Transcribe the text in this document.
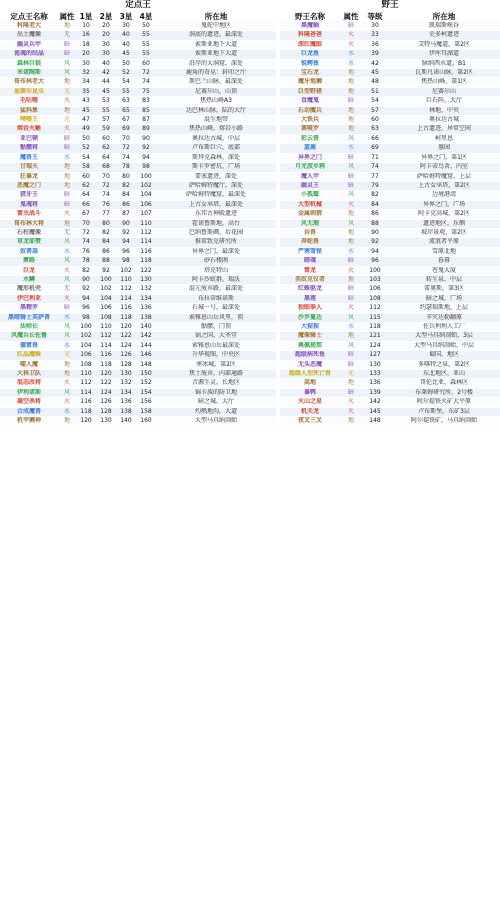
定点王
定点王名称	属性	1星	2星	3星	4星	所在地
科隆老大	地	10	20	30	50	鬼蛇中地区
出土魔像	无	16	20	40	55	洞底的遗迹，最深处
幽灵兵甲	暗	18	30	40	55	索斯亚地下大道
诡魂的结晶	暗	20	30	45	55	索斯亚地下大道
森林巨狼	风	30	40	50	60	沿岸的大洞窟，深处
米诺陶斯	风	32	42	52	72	鹿角的奇晃：封印之厅
哥布林老大	地	34	44	54	74	斯巴兰山脉，最深处
迪赛尔昆虫	光	35	45	55	75	尼赛尔山，山顶
毛咕噜	火	43	53	63	83	焦热山峰A3
猛犸象	地	45	55	65	85	达巴林山脉，陆的大厅
噗噜王	光	47	57	67	87	混生地带
熔岩火蜥	火	49	59	69	89	焦热山峰，熔岩小路
亚巴顿	暗	50	60	70	90	奥拉达古城，中层
骷髅将	暗	52	62	72	92	卢布斯巨穴，底部
魔兽王	水	54	64	74	94	斯拜克森林，深处
甘瑞夫	地	58	68	78	98	斯卡罗密坑，广场
狂暴龙	地	60	70	80	100	要塞遗迹，深处
恶魔之门	地	62	72	82	102	萨哈姆特魔厅，深处
猎牙王	暗	64	74	84	104	萨哈姆特魔窟，最深处
鬼魂将	暗	66	76	86	106	上古女巫塔，最深处
雷虫战斗	火	67	77	87	107	东邦古神殿遗迹
哥布林大将	地	70	80	90	110	霍诺鲁斯地，高台
石柱魔像	无	72	82	92	112	巴纳鲁斯碉，后花园
草龙耶赞	风	74	84	94	114	推雷致克研究所
奴普基	水	76	86	96	116	异界之门，最深处
雾路	风	78	88	98	118	砂石楼阁
巨龙	火	82	92	102	122	塔克特山
水鳞	风	90	100	110	130	阿卡沙蚁群，瑞沃
魔形机壳	无	92	102	112	132	混元废弃路，最深处
伊巴利亚	火	94	104	114	134	布拉蒂维诺斯
黑精罗	暗	96	106	116	136	石城一号，最深处
黑晴骑士英萨普	水	98	108	118	138	索雅恩山岳风里，顶
法师长	风	100	110	120	140	骷髅，门顶
风魔兵长佐鲁	风	102	112	122	142	锅之国，大圣堂
德雷兽	水	104	114	124	144	索雅恩山岳最深处
红晶魔蛛	光	106	116	126	146	升华视图，中央区
噬人魔	地	108	118	128	148	寒冰城，第2区
大林卫队	地	110	120	130	150	焦土废弃，内部通路
混态改将	火	112	122	132	152	音源生灵，长地区
伊利诺斯	风	114	124	134	154	锦卡族的防卫地
凝空杀将	火	116	126	136	156	暗之城，大厅
合成魔兽	水	118	128	138	158	灼熱地沟，大道
机甲狮神	地	120	130	140	160	大型马具纳剖蛤
野王
野王名称	属性	等级	所在地
黑魔蜗	暗	30	凯瑞斯峡谷
科隆爸爸	火	33	史多柯遗迹
深红魔眼	火	36	艾特马魔道，第2区
巨龙鱼	水	39	伊库耳湖道
锐鳄鱼	水	42	脉纳西水道，B1
宝石龙	地	45	瓦斯凡诺山脉，第2区
魔牙地狮	地	48	焦热山峰，第1区
巨型野猪	地	51	尼赛尔山
食魔鬼	暗	54	巨石阵，大厅
石动魔兵	地	57	林地，中央
大铁兵	地	60	奥拉达古城
赛嗄罗	地	63	上古遗迹，异常空间
彩云兽	风	66	柯里恩
蓝鹿	水	69	墓园
异界之门	暗	71	异界之门，第1区
月光波乡鸦	风	74	阿卡蒂鸟舍，内室
魔人甲	暗	77	萨哈姆特魔窟，上层
幽灵王	暗	79	上古女巫塔，第2区
小孤鹫	风	82	边境港湾
大型机械	火	84	异界之门，广场
金属刺猬	地	86	阿卡克高城，第2区
风无瑕	风	88	遗迹地区，东侧
岩兽	地	90	坡岸景观，第2区
奔蛇兽	地	92	流浪者平原
严寒雪怪	水	94	雪原北地
暗魂	暗	96	暮幕
雷龙	火	100	苍鬼大厦
美奴克仪者	地	103	转生泉，中层
红蛛驱龙	暗	106	雷奥斯，第3区
黑莲	暗	108	暗之城，广场
独眼拳人	火	112	约瑟瑞斯地，上层
沙罗蔓达	风	115	辛灾达勒翻原
大猩猩	水	118	佐兵利利人工厂
魔像骑士	地	121	大型马具纳剖蛤，3层
奥佩提那	风	124	大型马具纳剖蛤，中层
超级病死鱼	暗	127	蜀国，地区
无头恶魔	暗	130	多喀特之泉，第2区
超级人型死亡兽	光	133	东北地区，亚山
高地	地	136	哥伦比亚，森林区
暴鸭	暗	139	布莱姆研究所，2号楼
火山之星	火	142	阿尔提铁火矿大平原
机关龙	火	145	卢布斯堡，东矿3层
夜叉三叉	地	148	阿尔提铁矿，马具纳剖蛤
